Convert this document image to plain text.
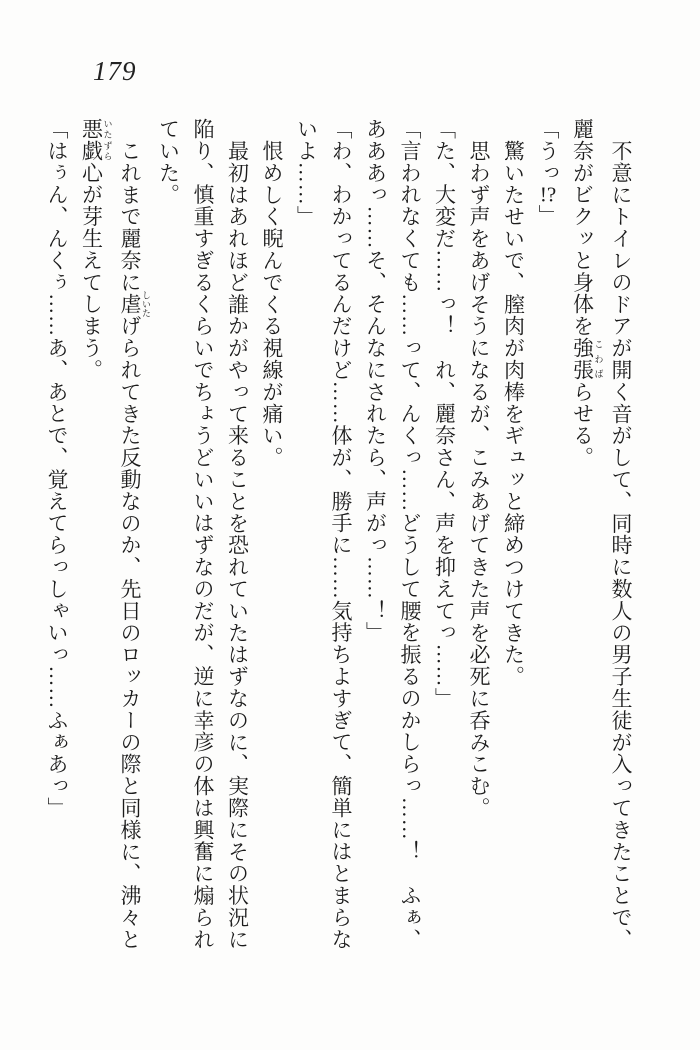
179
不意にトイレのドアが開く音がして、同時に数人の男子生徒が入ってきたことで、
麗奈がビクッと身体を強張 こわばらせる。
「うっ!?」
驚いたせいで、膣肉が肉棒をギュッと締めつけてきた。
思わず声をあげそうになるが、こみあげてきた声を必死に呑みこむ。
「た、大変だ……っ！　れ、麗奈さん、声を抑えてっ……」
「言われなくても……って、んくっ……どうして腰を振るのかしらっ……！　ふぁ、
あああっ……そ、そんなにされたら、声がっ……！」
「わ、わかってるんだけど……体が、勝手に……気持ちよすぎて、簡単にはとまらな
いよ……」
恨めしく睨んでくる視線が痛い。
最初はあれほど誰かがやって来ることを恐れていたはずなのに、実際にその状況に
陥り、慎重すぎるくらいでちょうどいいはずなのだが、逆に幸彦の体は興奮に煽られ
ていた。
これまで麗奈に虐 しいたげられてきた反動なのか、先日のロッカーの際と同様に、沸々と
悪戯 いたずら心が芽生えてしまう。
「はぅん、んくぅ……あ、あとで、覚えてらっしゃいっ……ふぁあっ」
